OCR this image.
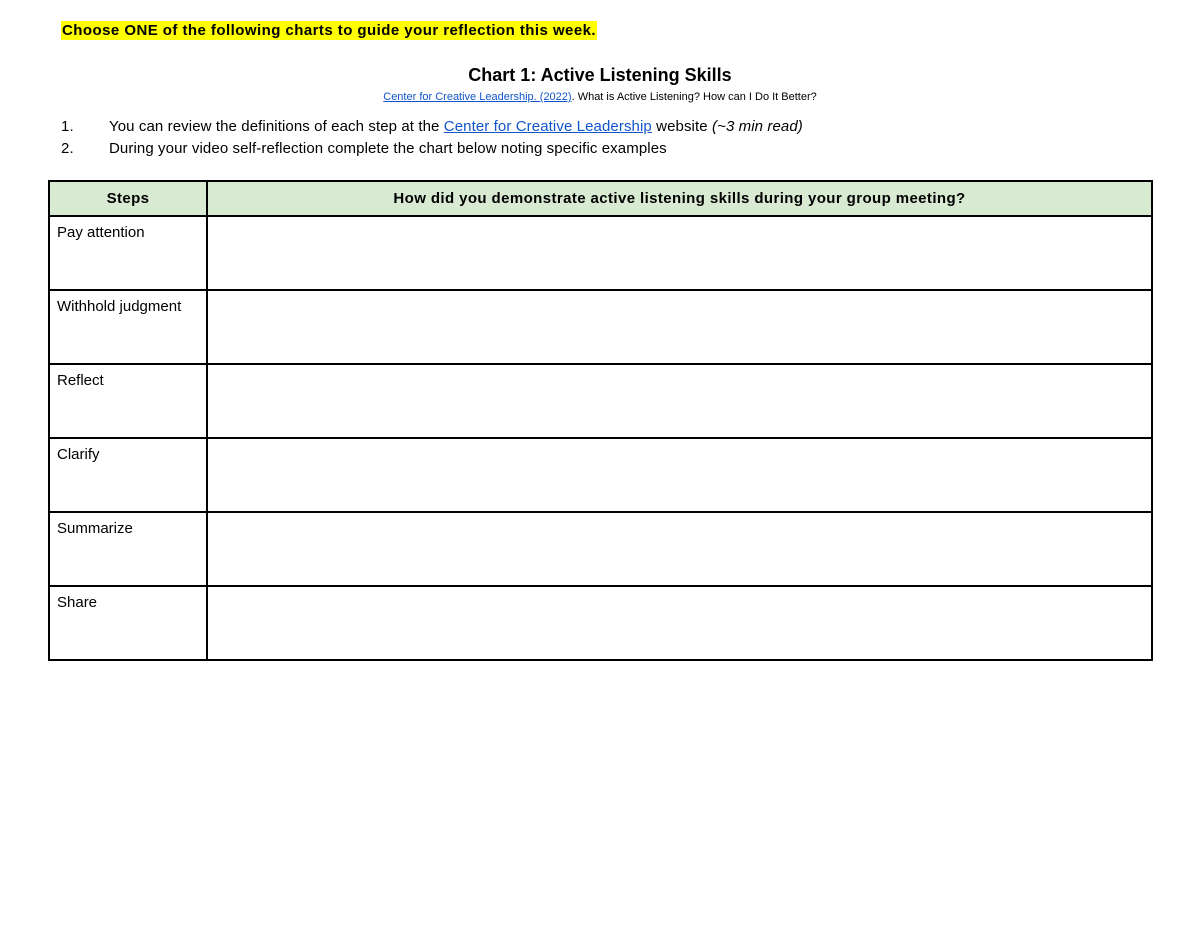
Choose ONE of the following charts to guide your reflection this week.
Chart 1: Active Listening Skills
Center for Creative Leadership. (2022). What is Active Listening? How can I Do It Better?
1. You can review the definitions of each step at the Center for Creative Leadership website (~3 min read)
2. During your video self-reflection complete the chart below noting specific examples
Steps	How did you demonstrate active listening skills during your group meeting?
Pay attention	
Withhold judgment	
Reflect	
Clarify	
Summarize	
Share	
